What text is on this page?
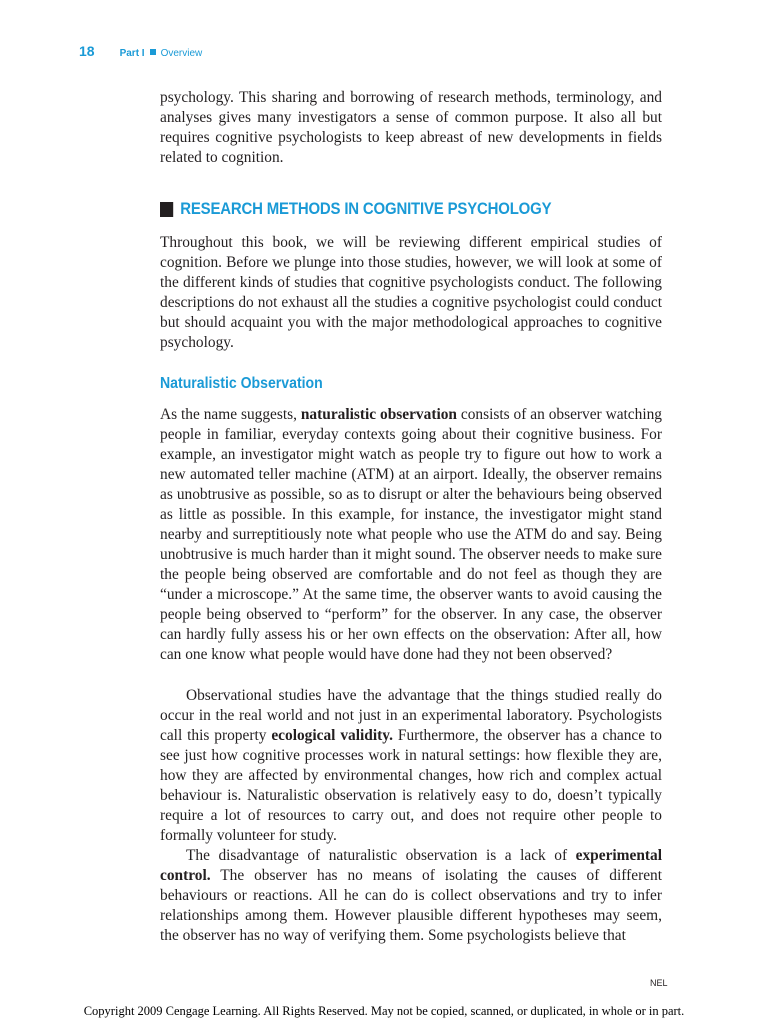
18	Part I Overview

psychology. This sharing and borrowing of research methods, terminology, and analyses gives many investigators a sense of common purpose. It also all but requires cognitive psychologists to keep abreast of new developments in fields related to cognition.

RESEARCH METHODS IN COGNITIVE PSYCHOLOGY

Throughout this book, we will be reviewing different empirical studies of cognition. Before we plunge into those studies, however, we will look at some of the different kinds of studies that cognitive psychologists conduct. The following descriptions do not exhaust all the studies a cognitive psychologist could conduct but should acquaint you with the major methodological approaches to cognitive psychology.

Naturalistic Observation

As the name suggests, naturalistic observation consists of an observer watching people in familiar, everyday contexts going about their cognitive business. For example, an investigator might watch as people try to figure out how to work a new automated teller machine (ATM) at an airport. Ideally, the observer remains as unobtrusive as possible, so as to disrupt or alter the behaviours being observed as little as possible. In this example, for instance, the investigator might stand nearby and surreptitiously note what people who use the ATM do and say. Being unobtrusive is much harder than it might sound. The observer needs to make sure the people being observed are comfortable and do not feel as though they are “under a microscope.” At the same time, the observer wants to avoid causing the people being observed to “perform” for the observer. In any case, the observer can hardly fully assess his or her own effects on the observation: After all, how can one know what people would have done had they not been observed?

Observational studies have the advantage that the things studied really do occur in the real world and not just in an experimental laboratory. Psychologists call this property ecological validity. Furthermore, the observer has a chance to see just how cognitive processes work in natural settings: how flexible they are, how they are affected by environmental changes, how rich and complex actual behaviour is. Naturalistic observation is relatively easy to do, doesn’t typically require a lot of resources to carry out, and does not require other people to formally volunteer for study.

The disadvantage of naturalistic observation is a lack of experimental control. The observer has no means of isolating the causes of different behaviours or reactions. All he can do is collect observations and try to infer relationships among them. However plausible different hypotheses may seem, the observer has no way of verifying them. Some psychologists believe that

NEL
Copyright 2009 Cengage Learning. All Rights Reserved. May not be copied, scanned, or duplicated, in whole or in part.
